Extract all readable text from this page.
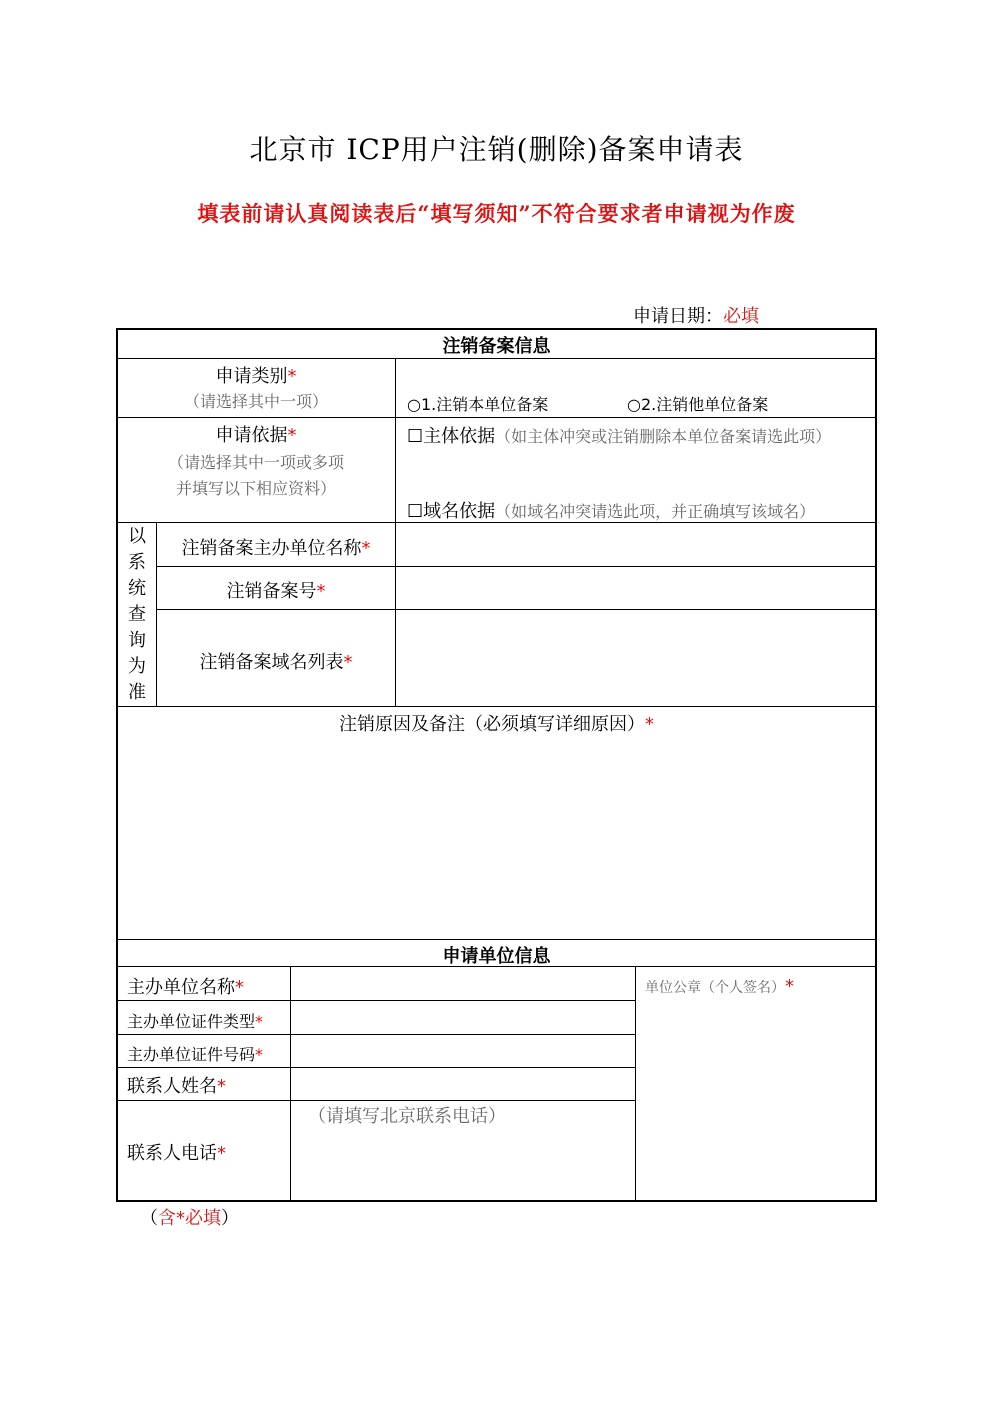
北京市 ICP用户注销(删除)备案申请表
填表前请认真阅读表后“填写须知”不符合要求者申请视为作废
申请日期：必填
注销备案信息
申请类别*
（请选择其中一项）	○1.注销本单位备案	○2.注销他单位备案
申请依据*
（请选择其中一项或多项
并填写以下相应资料）
☐主体依据（如主体冲突或注销删除本单位备案请选此项）
☐域名依据（如域名冲突请选此项，并正确填写该域名）
以
系
统
查
询
为
准
注销备案主办单位名称*
注销备案号*
注销备案域名列表*
注销原因及备注（必须填写详细原因）*
申请单位信息
主办单位名称*
主办单位证件类型*
主办单位证件号码*
联系人姓名*
联系人电话*
（请填写北京联系电话）
单位公章（个人签名）*
（含*必填）
